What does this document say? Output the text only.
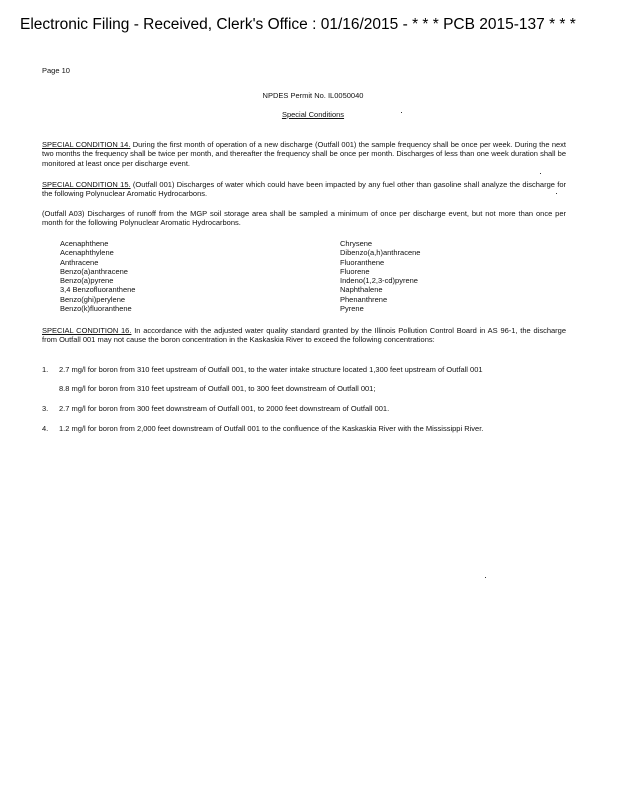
Electronic Filing - Received, Clerk's Office : 01/16/2015 - * * * PCB 2015-137 * * *
Page 10
NPDES Permit No. IL0050040
Special Conditions
SPECIAL CONDITION 14. During the first month of operation of a new discharge (Outfall 001) the sample frequency shall be once per week. During the next two months the frequency shall be twice per month, and thereafter the frequency shall be once per month. Discharges of less than one week duration shall be monitored at least once per discharge event.
SPECIAL CONDITION 15. (Outfall 001) Discharges of water which could have been impacted by any fuel other than gasoline shall analyze the discharge for the following Polynuclear Aromatic Hydrocarbons.
(Outfall A03) Discharges of runoff from the MGP soil storage area shall be sampled a minimum of once per discharge event, but not more than once per month for the following Polynuclear Aromatic Hydrocarbons.
Acenaphthene
Acenaphthylene
Anthracene
Benzo(a)anthracene
Benzo(a)pyrene
3,4 Benzofluoranthene
Benzo(ghi)perylene
Benzo(k)fluoranthene
Chrysene
Dibenzo(a,h)anthracene
Fluoranthene
Fluorene
Indeno(1,2,3-cd)pyrene
Naphthalene
Phenanthrene
Pyrene
SPECIAL CONDITION 16. In accordance with the adjusted water quality standard granted by the Illinois Pollution Control Board in AS 96-1, the discharge from Outfall 001 may not cause the boron concentration in the Kaskaskia River to exceed the following concentrations:
1. 2.7 mg/l for boron from 310 feet upstream of Outfall 001, to the water intake structure located 1,300 feet upstream of Outfall 001
8.8 mg/l for boron from 310 feet upstream of Outfall 001, to 300 feet downstream of Outfall 001;
3. 2.7 mg/l for boron from 300 feet downstream of Outfall 001, to 2000 feet downstream of Outfall 001.
4. 1.2 mg/l for boron from 2,000 feet downstream of Outfall 001 to the confluence of the Kaskaskia River with the Mississippi River.
